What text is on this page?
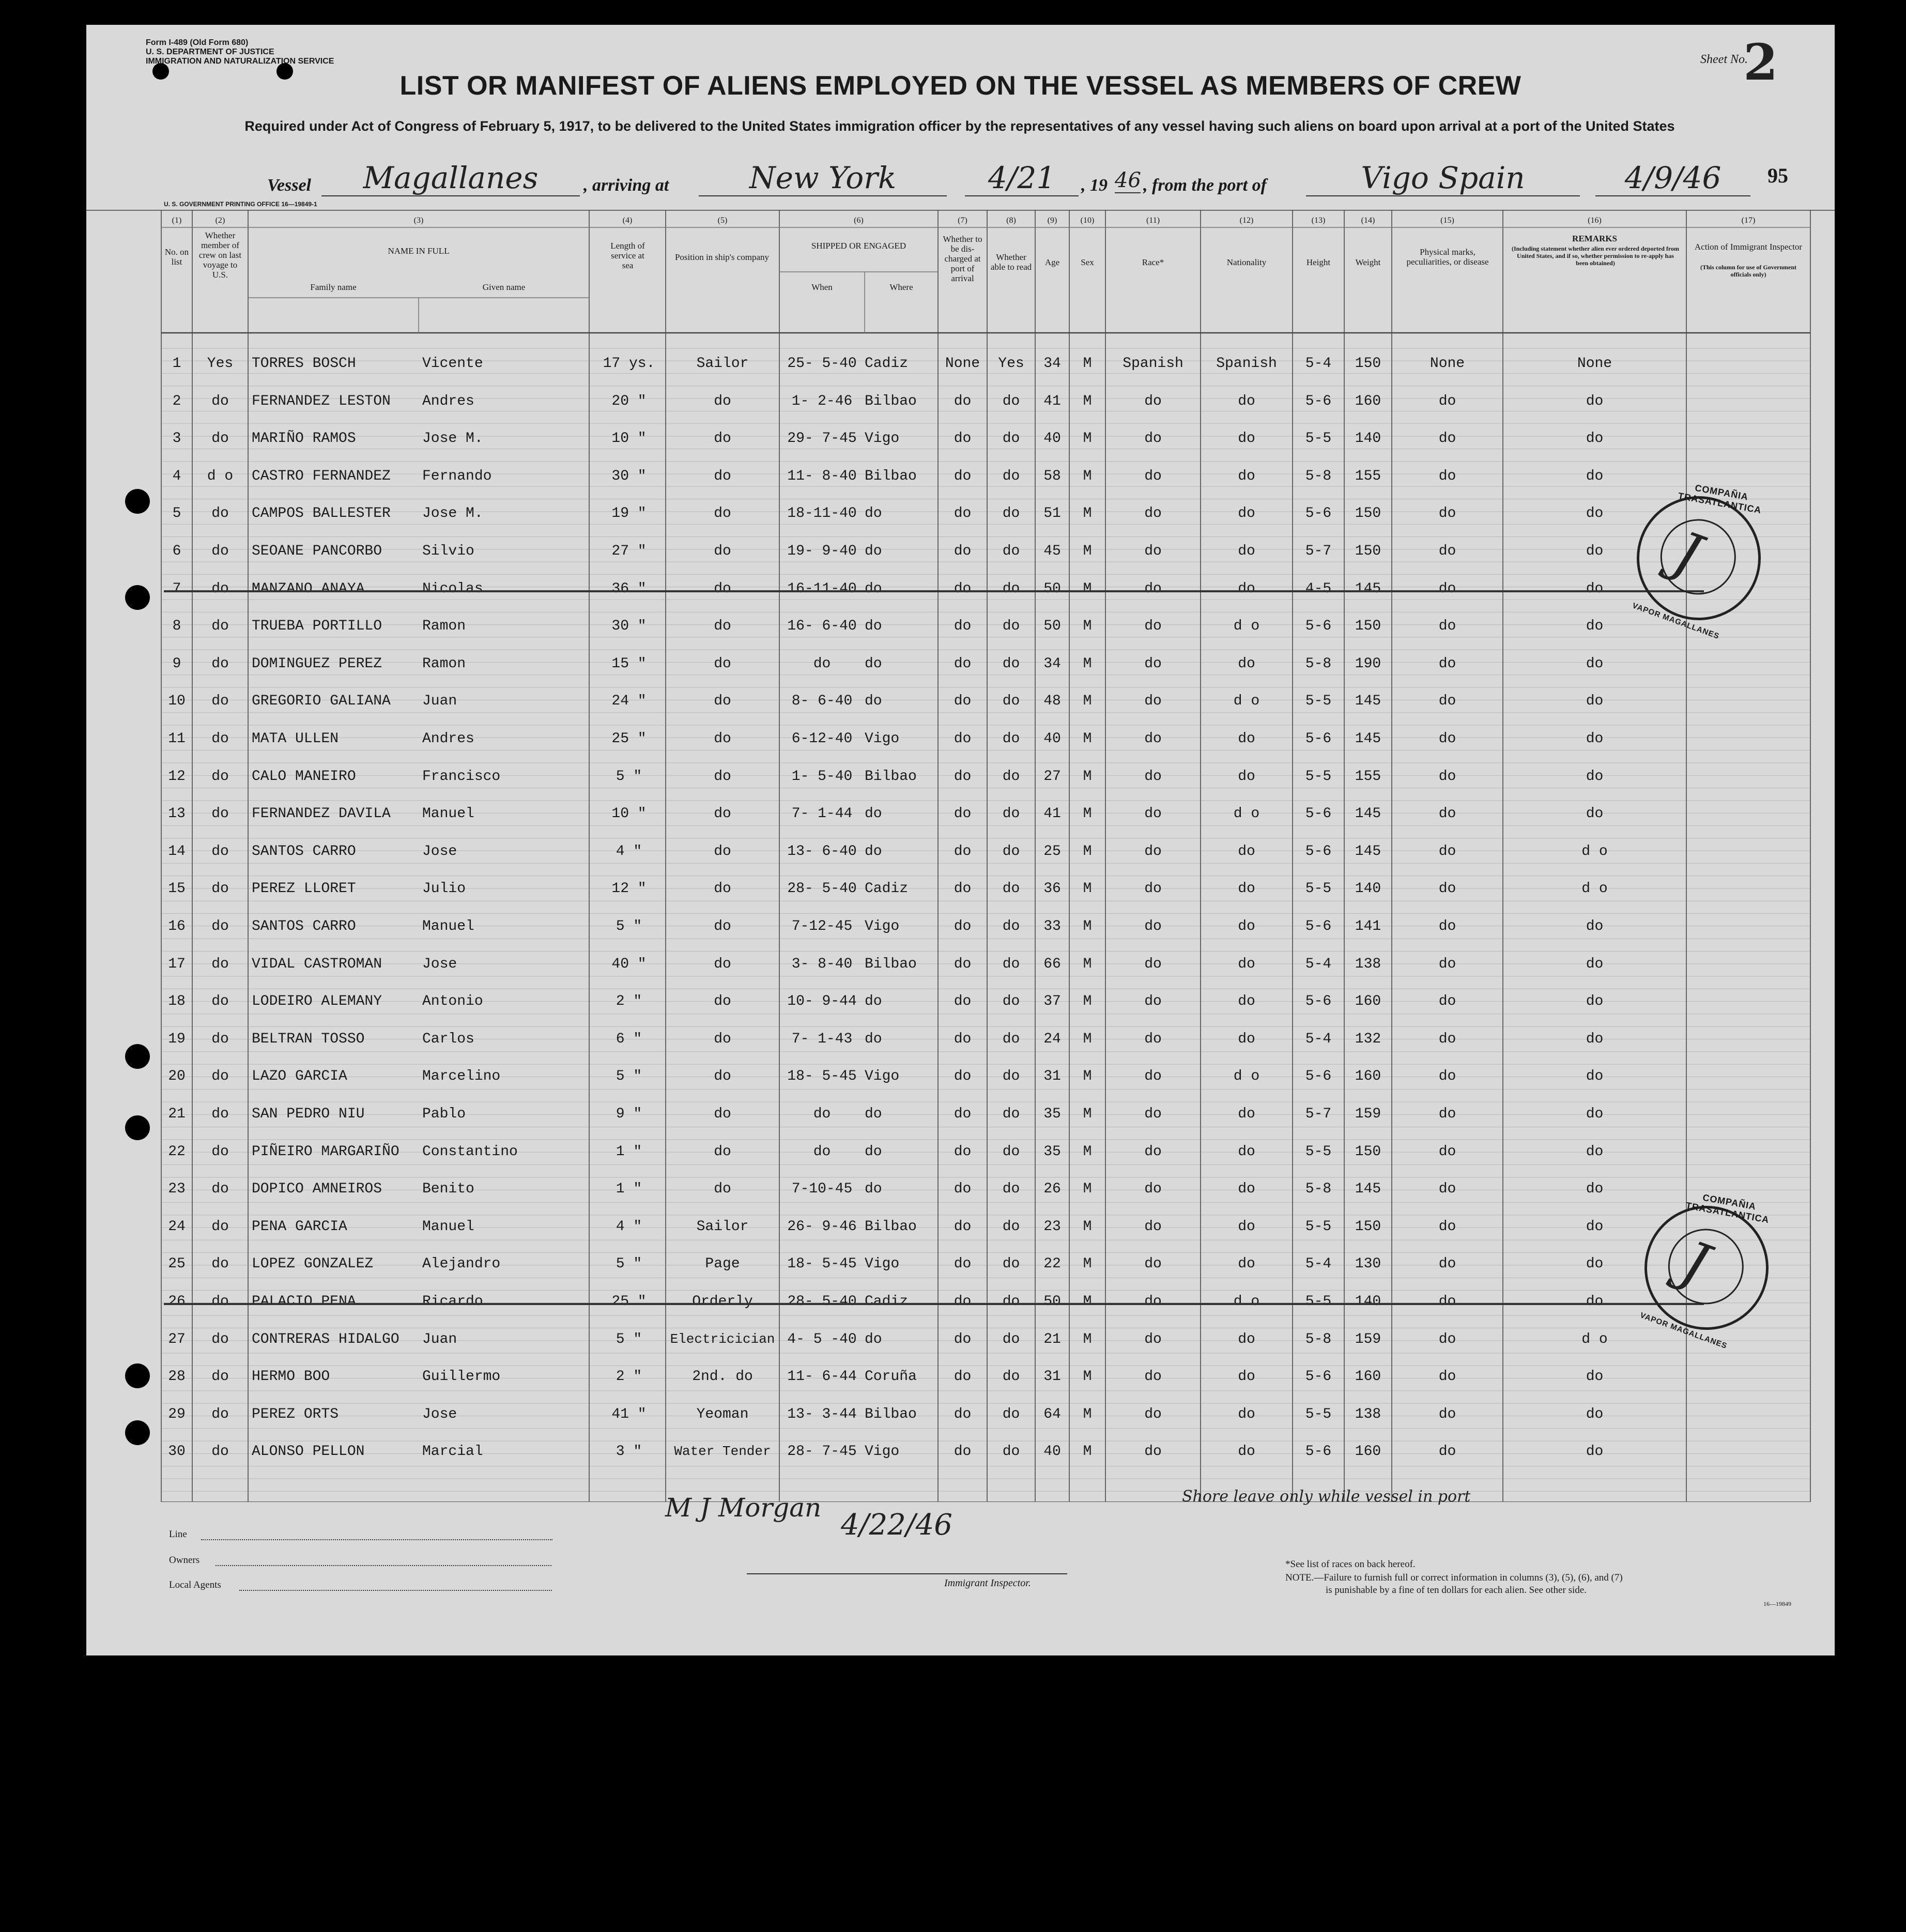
Form I-489 (Old Form 680)
U. S. DEPARTMENT OF JUSTICE
IMMIGRATION AND NATURALIZATION SERVICE	Sheet No.
2
LIST OR MANIFEST OF ALIENS EMPLOYED ON THE VESSEL AS MEMBERS OF CREW
Required under Act of Congress of February 5, 1917, to be delivered to the United States immigration officer by the representatives of any vessel having such aliens on board upon arrival at a port of the United States
Vessel	Magallanes	, arriving at	New York	4/21	, 19 46 , from the port of	Vigo Spain	4/9/46	95
U. S. GOVERNMENT PRINTING OFFICE 16—19849-1
(1)
No. on list
(2)
Whether member of crew on last voyage to U.S.
(3)
NAME IN FULL
Family name	Given name
(4)
Length of service at sea
(5)
Position in ship's company
(6)
SHIPPED OR ENGAGED
When	Where
(7)
Whether to be dis-charged at port of arrival
(8)
Whether able to read
(9)
Age
(10)
Sex
(11)
Race*
(12)
Nationality
(13)
Height
(14)
Weight
(15)
Physical marks, peculiarities, or disease
(16)
REMARKS
(Including statement whether alien ever ordered deported from United States, and if so, whether permission to re-apply has been obtained)
(17)
Action of Immigrant Inspector
(This column for use of Government officials only)
1	Yes	TORRES BOSCH	Vicente	17 ys.	Sailor	25- 5-40 Cadiz	None	Yes	34	M	Spanish	Spanish	5-4	150	None	None
2	do	FERNANDEZ LESTON	Andres	20 "	do	1- 2-46 Bilbao	do	do	41	M	do	do	5-6	160	do	do
3	do	MARIÑO RAMOS	Jose M.	10 "	do	29- 7-45 Vigo	do	do	40	M	do	do	5-5	140	do	do
4	d o	CASTRO FERNANDEZ	Fernando	30 "	do	11- 8-40 Bilbao	do	do	58	M	do	do	5-8	155	do	do
5	do	CAMPOS BALLESTER	Jose M.	19 "	do	18-11-40 do	do	do	51	M	do	do	5-6	150	do	do
6	do	SEOANE PANCORBO	Silvio	27 "	do	19- 9-40 do	do	do	45	M	do	do	5-7	150	do	do
7	do	MANZANO ANAYA	Nicolas	36 "	do	16-11-40 do	do	do	50	M	do	do	4-5	145	do	do
8	do	TRUEBA PORTILLO	Ramon	30 "	do	16- 6-40 do	do	do	50	M	do	d o	5-6	150	do	do
9	do	DOMINGUEZ PEREZ	Ramon	15 "	do	do	do	do	do	34	M	do	do	5-8	190	do	do
10	do	GREGORIO GALIANA	Juan	24 "	do	8- 6-40 do	do	do	48	M	do	d o	5-5	145	do	do
11	do	MATA ULLEN	Andres	25 "	do	6-12-40 Vigo	do	do	40	M	do	do	5-6	145	do	do
12	do	CALO MANEIRO	Francisco	5 "	do	1- 5-40 Bilbao	do	do	27	M	do	do	5-5	155	do	do
13	do	FERNANDEZ DAVILA	Manuel	10 "	do	7- 1-44 do	do	do	41	M	do	d o	5-6	145	do	do
14	do	SANTOS CARRO	Jose	4 "	do	13- 6-40 do	do	do	25	M	do	do	5-6	145	do	d o
15	do	PEREZ LLORET	Julio	12 "	do	28- 5-40 Cadiz	do	do	36	M	do	do	5-5	140	do	d o
16	do	SANTOS CARRO	Manuel	5 "	do	7-12-45 Vigo	do	do	33	M	do	do	5-6	141	do	do
17	do	VIDAL CASTROMAN	Jose	40 "	do	3- 8-40 Bilbao	do	do	66	M	do	do	5-4	138	do	do
18	do	LODEIRO ALEMANY	Antonio	2 "	do	10- 9-44 do	do	do	37	M	do	do	5-6	160	do	do
19	do	BELTRAN TOSSO	Carlos	6 "	do	7- 1-43 do	do	do	24	M	do	do	5-4	132	do	do
20	do	LAZO GARCIA	Marcelino	5 "	do	18- 5-45 Vigo	do	do	31	M	do	d o	5-6	160	do	do
21	do	SAN PEDRO NIU	Pablo	9 "	do	do	do	do	do	35	M	do	do	5-7	159	do	do
22	do	PIÑEIRO MARGARIÑO	Constantino	1 "	do	do	do	do	do	35	M	do	do	5-5	150	do	do
23	do	DOPICO AMNEIROS	Benito	1 "	do	7-10-45 do	do	do	26	M	do	do	5-8	145	do	do
24	do	PENA GARCIA	Manuel	4 "	Sailor	26- 9-46 Bilbao	do	do	23	M	do	do	5-5	150	do	do
25	do	LOPEZ GONZALEZ	Alejandro	5 "	Page	18- 5-45 Vigo	do	do	22	M	do	do	5-4	130	do	do
26	do	PALACIO PENA	Ricardo	25 "	Orderly	28- 5-40 Cadiz	do	do	50	M	do	d o	5-5	140	do	do
27	do	CONTRERAS HIDALGO	Juan	5 "	Electricician 4- 5 -40 do	do	do	21	M	do	do	5-8	159	do	d o
28	do	HERMO BOO	Guillermo	2 "	2nd. do	11- 6-44 Coruña	do	do	31	M	do	do	5-6	160	do	do
29	do	PEREZ ORTS	Jose	41 "	Yeoman	13- 3-44 Bilbao	do	do	64	M	do	do	5-5	138	do	do
30	do	ALONSO PELLON	Marcial	3 "	Water Tender	28- 7-45 Vigo	do	do	40	M	do	do	5-6	160	do	do
M J Morgan
4/22/46
Shore leave only while vessel in port
Line
Owners
Local Agents	Immigrant Inspector.
*See list of races on back hereof.
NOTE.—Failure to furnish full or correct information in columns (3), (5), (6), and (7)
is punishable by a fine of ten dollars for each alien. See other side.
16—19849
COMPAÑIA TRASATLANTICA
VAPOR MAGALLANES
J
COMPAÑIA TRASATLANTICA
VAPOR MAGALLANES
J
